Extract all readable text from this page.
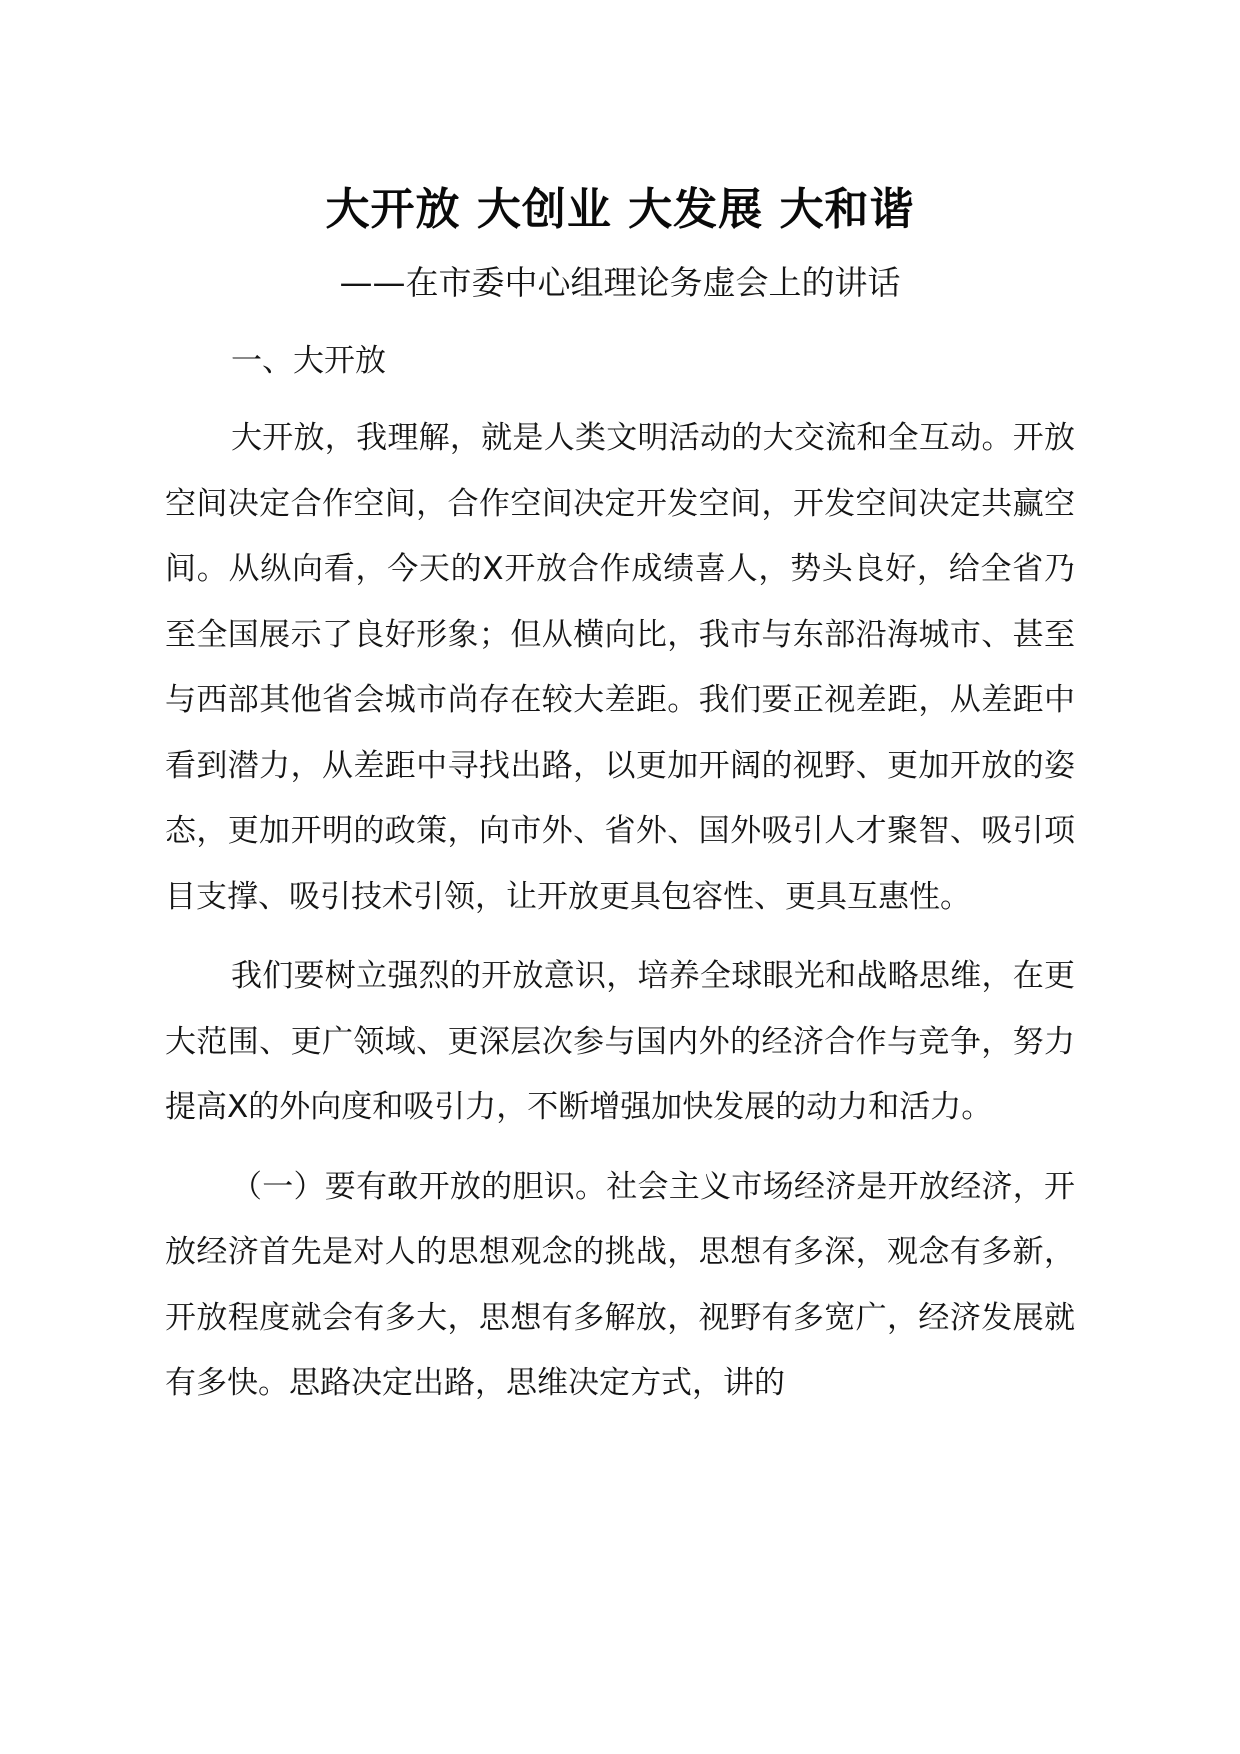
大开放 大创业 大发展 大和谐

——在市委中心组理论务虚会上的讲话

一、大开放

大开放，我理解，就是人类文明活动的大交流和全互动。开放空间决定合作空间，合作空间决定开发空间，开发空间决定共赢空间。从纵向看，今天的X开放合作成绩喜人，势头良好，给全省乃至全国展示了良好形象；但从横向比，我市与东部沿海城市、甚至与西部其他省会城市尚存在较大差距。我们要正视差距，从差距中看到潜力，从差距中寻找出路，以更加开阔的视野、更加开放的姿态，更加开明的政策，向市外、省外、国外吸引人才聚智、吸引项目支撑、吸引技术引领，让开放更具包容性、更具互惠性。

我们要树立强烈的开放意识，培养全球眼光和战略思维，在更大范围、更广领域、更深层次参与国内外的经济合作与竞争，努力提高X的外向度和吸引力，不断增强加快发展的动力和活力。

（一）要有敢开放的胆识。社会主义市场经济是开放经济，开放经济首先是对人的思想观念的挑战，思想有多深，观念有多新，开放程度就会有多大，思想有多解放，视野有多宽广，经济发展就有多快。思路决定出路，思维决定方式，讲的
